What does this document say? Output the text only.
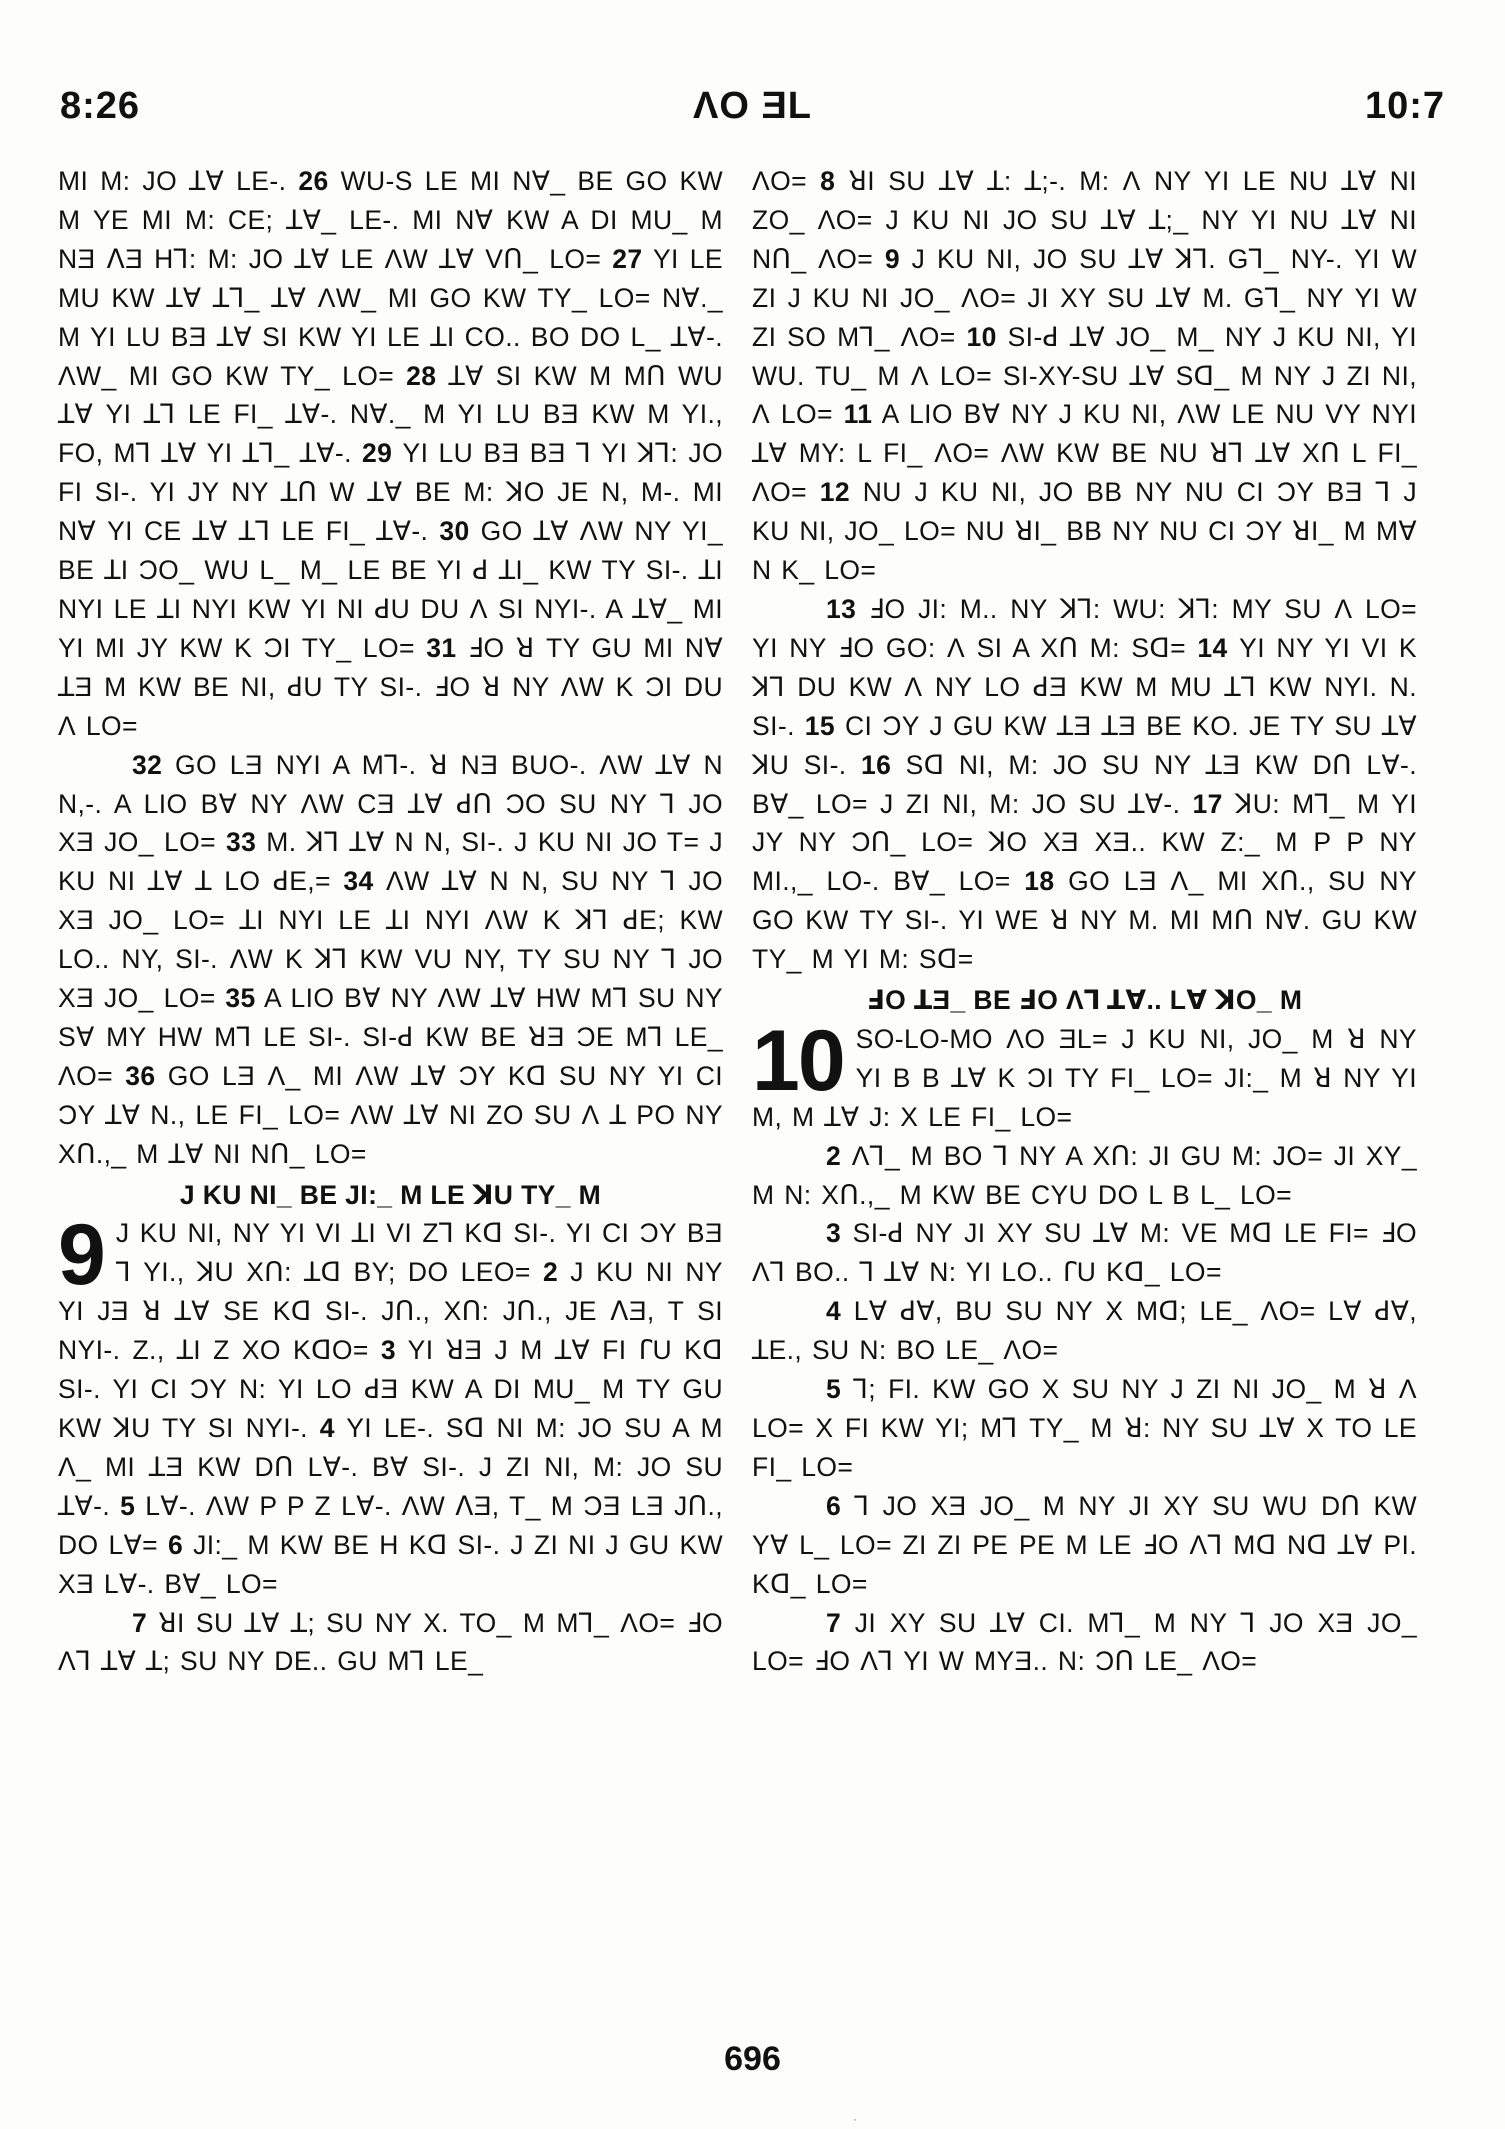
8:26	ɅO ƎL	10:7

MI M: JO ꓕꓯ LE-. 26 WU-S LE MI Nꓯ_ BE GO KW M YE MI M: CE; ꓕꓯ_ LE-. MI Nꓯ KW A DI MU_ M NƎ ꓥƎ Hꓶ: M: JO ꓕꓯ LE ɅW ꓕꓯ Vꓵ_ LO= 27 YI LE MU KW ꓕꓯ ꓕꓶ_ ꓕꓯ ɅW_ MI GO KW TY_ LO= Nꓯ._ M YI LU BƎ ꓕꓯ SI KW YI LE ꓕI CO.. BO DO L_ ꓕꓯ-. ɅW_ MI GO KW TY_ LO= 28 ꓕꓯ SI KW M Mꓵ WU ꓕꓯ YI ꓕꓶ LE FI_ ꓕꓯ-. Nꓯ._ M YI LU BƎ KW M YI., FO, Mꓶ ꓕꓯ YI ꓕꓶ_ ꓕꓯ-. 29 YI LU BƎ BƎ ꓶ YI ꓘꓶ: JO FI SI-. YI JY NY ꓕꓵ W ꓕꓯ BE M: ꓘO JE N, M-. MI Nꓯ YI CE ꓕꓯ ꓕꓶ LE FI_ ꓕꓯ-. 30 GO ꓕꓯ ɅW NY YI_ BE ꓕI ƆO_ WU L_ M_ LE BE YI ꓒ ꓕI_ KW TY SI-. ꓕI NYI LE ꓕI NYI KW YI NI ꓒU DU Ʌ SI NYI-. A ꓕꓯ_ MI YI MI JY KW K ƆI TY_ LO= 31 ꓞO ꓤ TY GU MI Nꓯ ꓕƎ M KW BE NI, ꓒU TY SI-. ꓞO ꓤ NY ɅW K ƆI DU Ʌ LO=

32 GO LƎ NYI A Mꓶ-. ꓤ NƎ BUO-. ɅW ꓕꓯ N N,-. A LIO Bꓯ NY ɅW CƎ ꓕꓯ ꓒꓵ ƆO SU NY ꓶ JO XƎ JO_ LO= 33 M. ꓘꓶ ꓕꓯ N N, SI-. J KU NI JO T= J KU NI ꓕꓯ ꓕ LO ꓒE,= 34 ɅW ꓕꓯ N N, SU NY ꓶ JO XƎ JO_ LO= ꓕI NYI LE ꓕI NYI ɅW K ꓘꓶ ꓒE; KW LO.. NY, SI-. ɅW K ꓘꓶ KW VU NY, TY SU NY ꓶ JO XƎ JO_ LO= 35 A LIO Bꓯ NY ɅW ꓕꓯ HW Mꓶ SU NY Sꓯ MY HW Mꓶ LE SI-. SI-ꓒ KW BE ꓤƎ ƆE Mꓶ LE_ ɅO= 36 GO LƎ Ʌ_ MI ɅW ꓕꓯ ƆY Kꓷ SU NY YI CI ƆY ꓕꓯ N., LE FI_ LO= ɅW ꓕꓯ NI ZO SU Ʌ ꓕ PO NY Xꓵ.,_ M ꓕꓯ NI Nꓵ_ LO=

J KU NI_ BE JI:_ M LE ꓘU TY_ M

9 J KU NI, NY YI VI ꓕI VI Zꓶ Kꓷ SI-. YI CI ƆY BƎ ꓶ YI., ꓘU Xꓵ: ꓕꓷ BY; DO LEO= 2 J KU NI NY YI JƎ ꓤ ꓕꓯ SE Kꓷ SI-. Jꓵ., Xꓵ: Jꓵ., JE ꓥƎ, T SI NYI-. Z., ꓕI Z XO KꓷO= 3 YI ꓤƎ J M ꓕꓯ FI ꓩU Kꓷ SI-. YI CI ƆY N: YI LO ꓒƎ KW A DI MU_ M TY GU KW ꓘU TY SI NYI-. 4 YI LE-. Sꓷ NI M: JO SU A M Ʌ_ MI ꓕƎ KW Dꓵ Lꓯ-. Bꓯ SI-. J ZI NI, M: JO SU ꓕꓯ-. 5 Lꓯ-. ɅW P P Z Lꓯ-. ɅW ꓥƎ, T_ M ƆƎ LƎ Jꓵ., DO Lꓯ= 6 JI:_ M KW BE H Kꓷ SI-. J ZI NI J GU KW XƎ Lꓯ-. Bꓯ_ LO=

7 ꓤI SU ꓕꓯ ꓕ; SU NY X. TO_ M Mꓶ_ ɅO= ꓞO Ʌꓶ ꓕꓯ ꓕ; SU NY DE.. GU Mꓶ LE_

ɅO= 8 ꓤI SU ꓕꓯ ꓕ: ꓕ;-. M: Ʌ NY YI LE NU ꓕꓯ NI ZO_ ɅO= J KU NI JO SU ꓕꓯ ꓕ;_ NY YI NU ꓕꓯ NI Nꓵ_ ɅO= 9 J KU NI, JO SU ꓕꓯ ꓘꓶ. Gꓶ_ NY-. YI W ZI J KU NI JO_ ɅO= JI XY SU ꓕꓯ M. Gꓶ_ NY YI W ZI SO Mꓶ_ ɅO= 10 SI-ꓒ ꓕꓯ JO_ M_ NY J KU NI, YI WU. TU_ M Ʌ LO= SI-XY-SU ꓕꓯ Sꓷ_ M NY J ZI NI, Ʌ LO= 11 A LIO Bꓯ NY J KU NI, ɅW LE NU VY NYI ꓕꓯ MY: L FI_ ɅO= ɅW KW BE NU ꓤꓶ ꓕꓯ Xꓵ L FI_ ɅO= 12 NU J KU NI, JO BB NY NU CI ƆY BƎ ꓶ J KU NI, JO_ LO= NU ꓤI_ BB NY NU CI ƆY ꓤI_ M Mꓯ N K_ LO=

13 ꓞO JI: M.. NY ꓘꓶ: WU: ꓘꓶ: MY SU Ʌ LO= YI NY ꓞO GO: Ʌ SI A Xꓵ M: Sꓷ= 14 YI NY YI VI K ꓘꓶ DU KW Ʌ NY LO ꓒƎ KW M MU ꓕꓶ KW NYI. N. SI-. 15 CI ƆY J GU KW ꓕƎ ꓕƎ BE KO. JE TY SU ꓕꓯ ꓘU SI-. 16 Sꓷ NI, M: JO SU NY ꓕƎ KW Dꓵ Lꓯ-. Bꓯ_ LO= J ZI NI, M: JO SU ꓕꓯ-. 17 ꓘU: Mꓶ_ M YI JY NY Ɔꓵ_ LO= ꓘO XƎ XƎ.. KW Z:_ M P P NY MI.,_ LO-. Bꓯ_ LO= 18 GO LƎ Ʌ_ MI Xꓵ., SU NY GO KW TY SI-. YI WE ꓤ NY M. MI Mꓵ Nꓯ. GU KW TY_ M YI M: Sꓷ=

ꓞO ꓕƎ_ BE ꓞO Ʌꓶ ꓕꓯ.. Lꓯ ꓘO_ M

10 SO-LO-MO ɅO ƎL= J KU NI, JO_ M ꓤ NY YI B B ꓕꓯ K ƆI TY FI_ LO= JI:_ M ꓤ NY YI M, M ꓕꓯ J: X LE FI_ LO=

2 Ʌꓶ_ M BO ꓶ NY A Xꓵ: JI GU M: JO= JI XY_ M N: Xꓵ.,_ M KW BE CYU DO L B L_ LO=

3 SI-ꓒ NY JI XY SU ꓕꓯ M: VE Mꓷ LE FI= ꓞO Ʌꓶ BO.. ꓶ ꓕꓯ N: YI LO.. ꓩU Kꓷ_ LO=

4 Lꓯ ꓒꓯ, BU SU NY X Mꓷ; LE_ ɅO= Lꓯ ꓒꓯ, ꓕE., SU N: BO LE_ ɅO=

5 ꓶ; FI. KW GO X SU NY J ZI NI JO_ M ꓤ Ʌ LO= X FI KW YI; Mꓶ TY_ M ꓤ: NY SU ꓕꓯ X TO LE FI_ LO=

6 ꓶ JO XƎ JO_ M NY JI XY SU WU Dꓵ KW Yꓯ L_ LO= ZI ZI PE PE M LE ꓞO Ʌꓶ Mꓷ Nꓷ ꓕꓯ PI. Kꓷ_ LO=

7 JI XY SU ꓕꓯ CI. Mꓶ_ M NY ꓶ JO XƎ JO_ LO= ꓞO Ʌꓶ YI W MYƎ.. N: Ɔꓵ LE_ ɅO=

696
·
